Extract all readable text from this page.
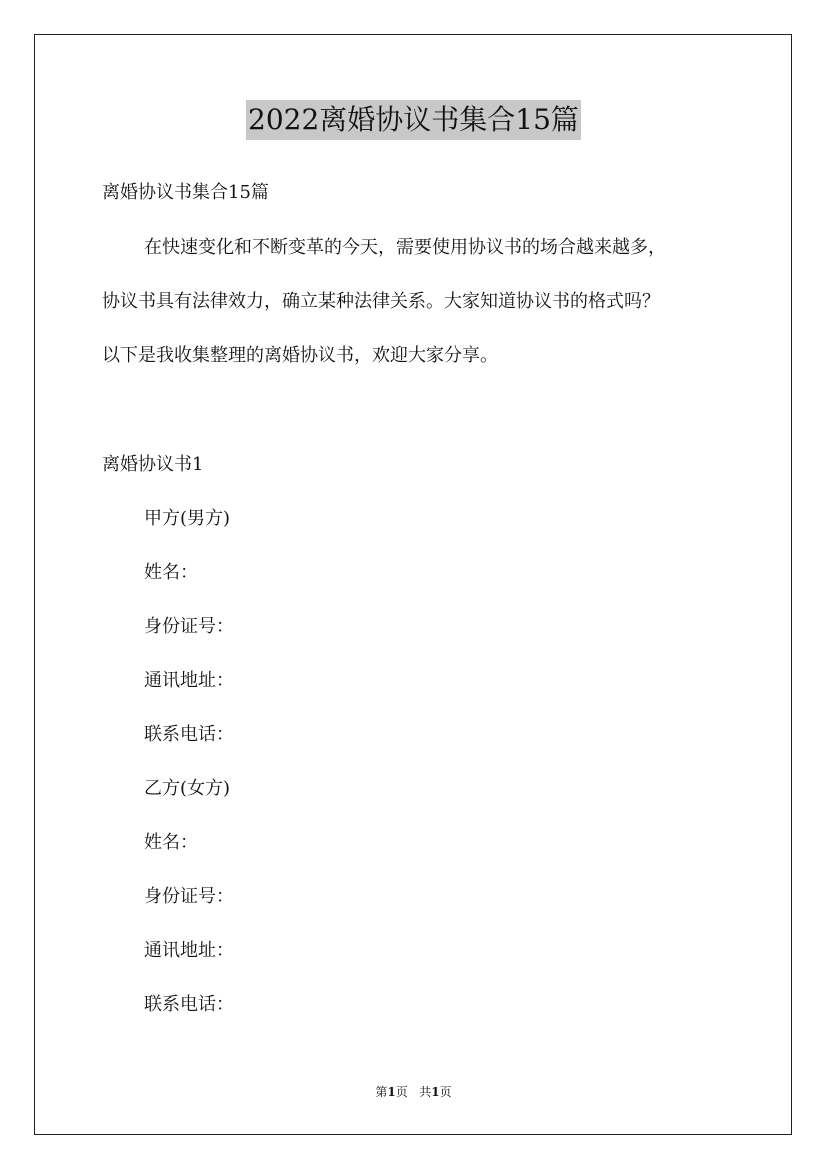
2022离婚协议书集合15篇
离婚协议书集合15篇
在快速变化和不断变革的今天，需要使用协议书的场合越来越多，
协议书具有法律效力，确立某种法律关系。大家知道协议书的格式吗？
以下是我收集整理的离婚协议书，欢迎大家分享。
离婚协议书1
甲方(男方)
姓名：
身份证号：
通讯地址：
联系电话：
乙方(女方)
姓名：
身份证号：
通讯地址：
联系电话：
第1页 共1页
